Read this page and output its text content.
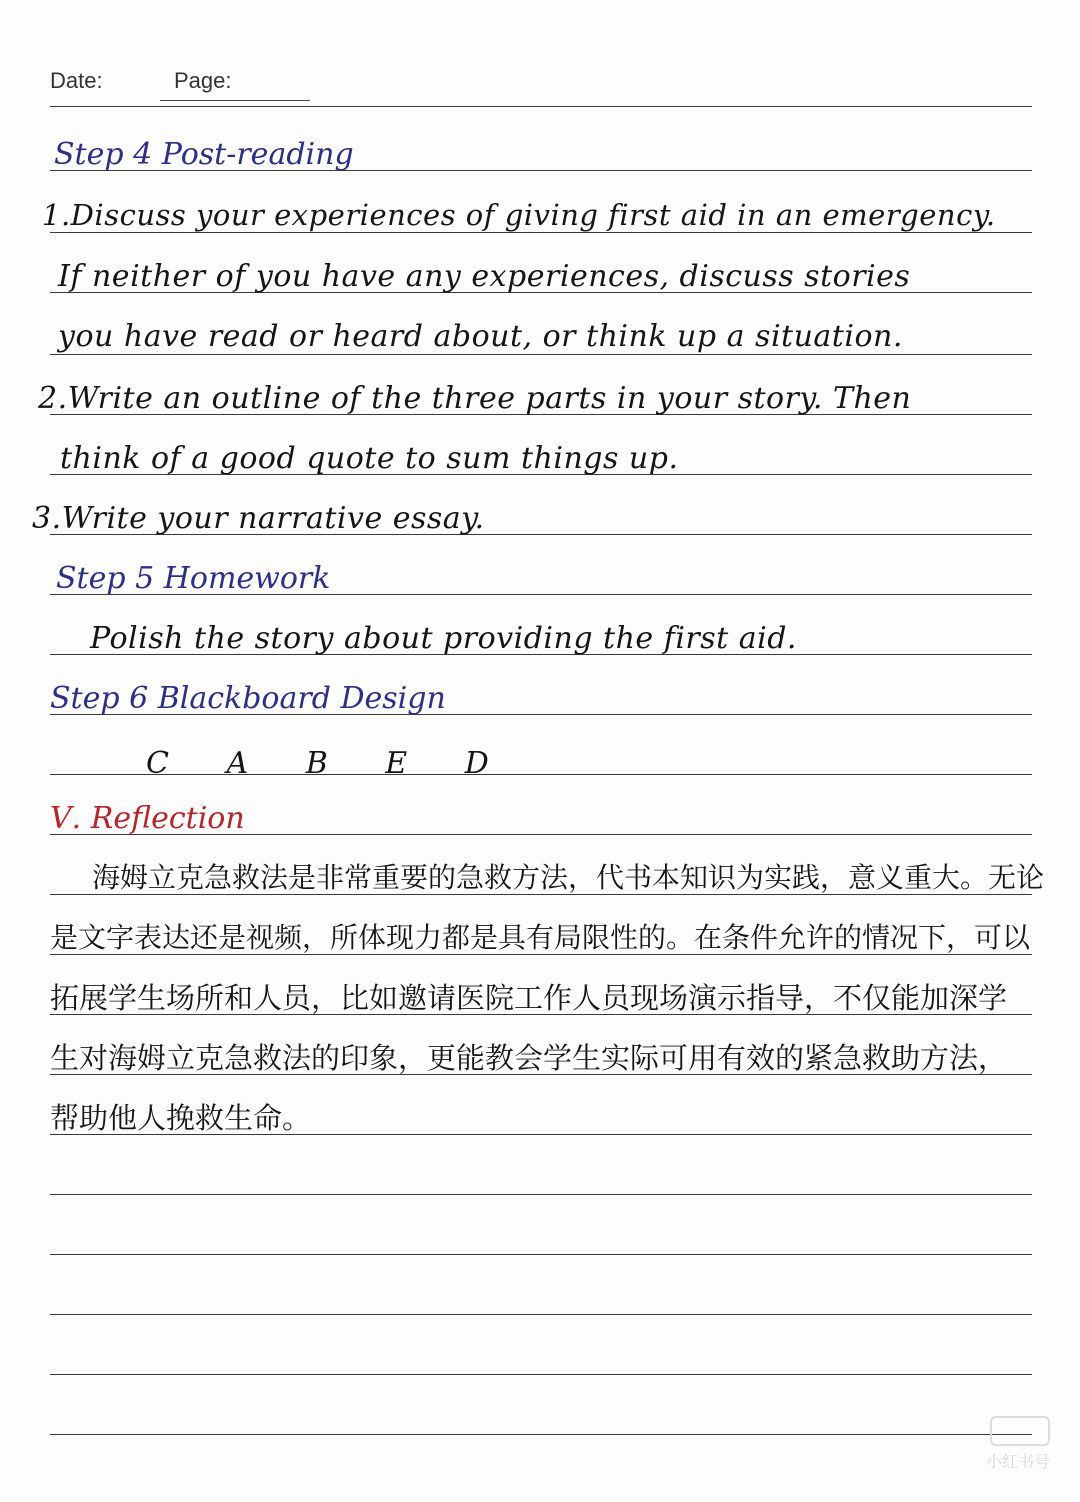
Date:	Page:
Step 4 Post-reading
1.Discuss your experiences of giving first aid in an emergency.
If neither of you have any experiences, discuss stories
you have read or heard about, or think up a situation.
2.Write an outline of the three parts in your story. Then
think of a good quote to sum things up.
3.Write your narrative essay.
Step 5 Homework
Polish the story about providing the first aid.
Step 6 Blackboard Design
C A B E D
Ⅴ. Reflection
海姆立克急救法是非常重要的急救方法，代书本知识为实践，意义重大。无论
是文字表达还是视频，所体现力都是具有局限性的。在条件允许的情况下，可以
拓展学生场所和人员，比如邀请医院工作人员现场演示指导，不仅能加深学
生对海姆立克急救法的印象，更能教会学生实际可用有效的紧急救助方法，
帮助他人挽救生命。
小红书号
